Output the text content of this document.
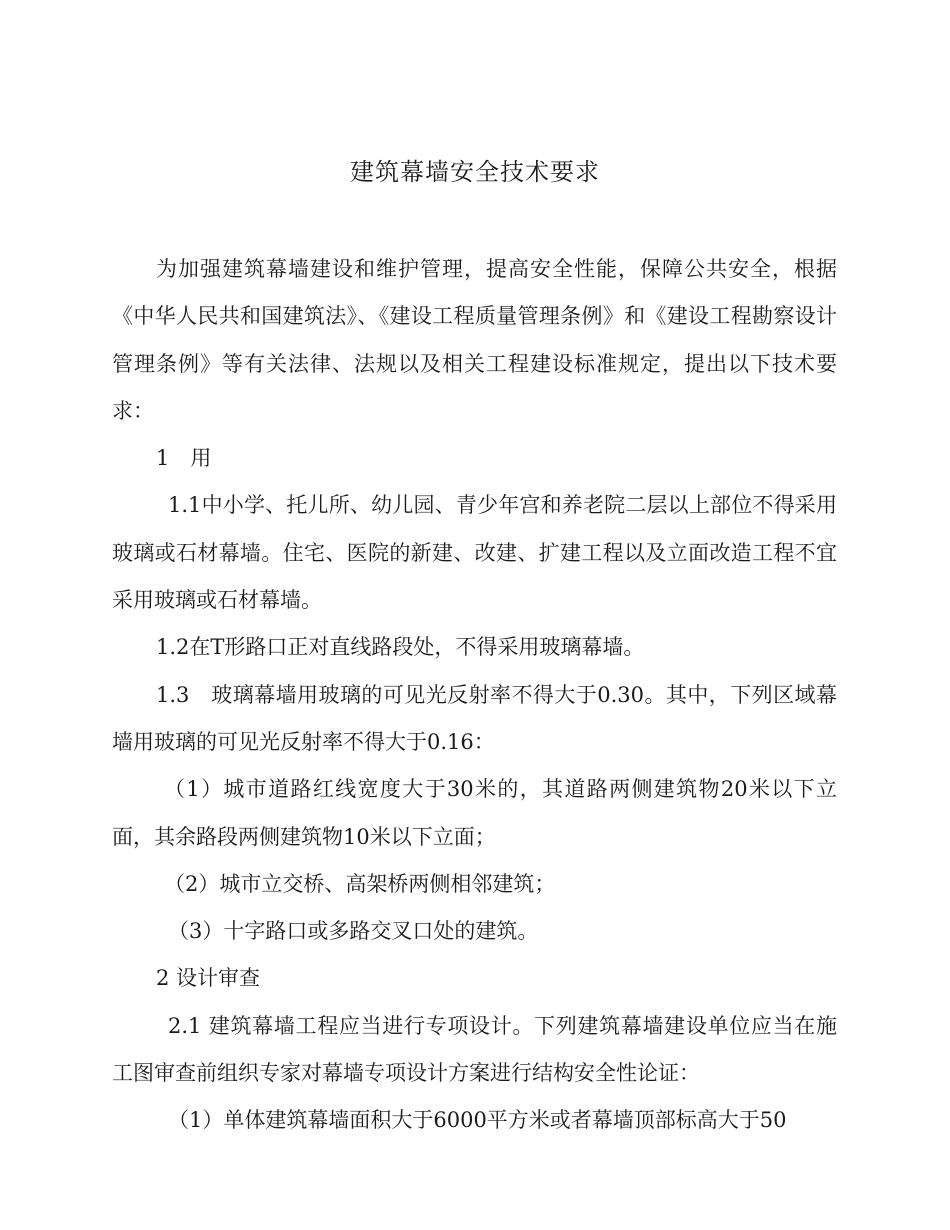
建筑幕墙安全技术要求

为加强建筑幕墙建设和维护管理，提高安全性能，保障公共安全，根据《中华人民共和国建筑法》、《建设工程质量管理条例》和《建设工程勘察设计管理条例》等有关法律、法规以及相关工程建设标准规定，提出以下技术要求：

1　用

1.1中小学、托儿所、幼儿园、青少年宫和养老院二层以上部位不得采用玻璃或石材幕墙。住宅、医院的新建、改建、扩建工程以及立面改造工程不宜采用玻璃或石材幕墙。

1.2在T形路口正对直线路段处，不得采用玻璃幕墙。

1.3　玻璃幕墙用玻璃的可见光反射率不得大于0.30。其中，下列区域幕墙用玻璃的可见光反射率不得大于0.16：

（1）城市道路红线宽度大于30米的，其道路两侧建筑物20米以下立面，其余路段两侧建筑物10米以下立面；

（2）城市立交桥、高架桥两侧相邻建筑；

（3）十字路口或多路交叉口处的建筑。

2 设计审查

2.1 建筑幕墙工程应当进行专项设计。下列建筑幕墙建设单位应当在施工图审查前组织专家对幕墙专项设计方案进行结构安全性论证：

（1）单体建筑幕墙面积大于6000平方米或者幕墙顶部标高大于50
